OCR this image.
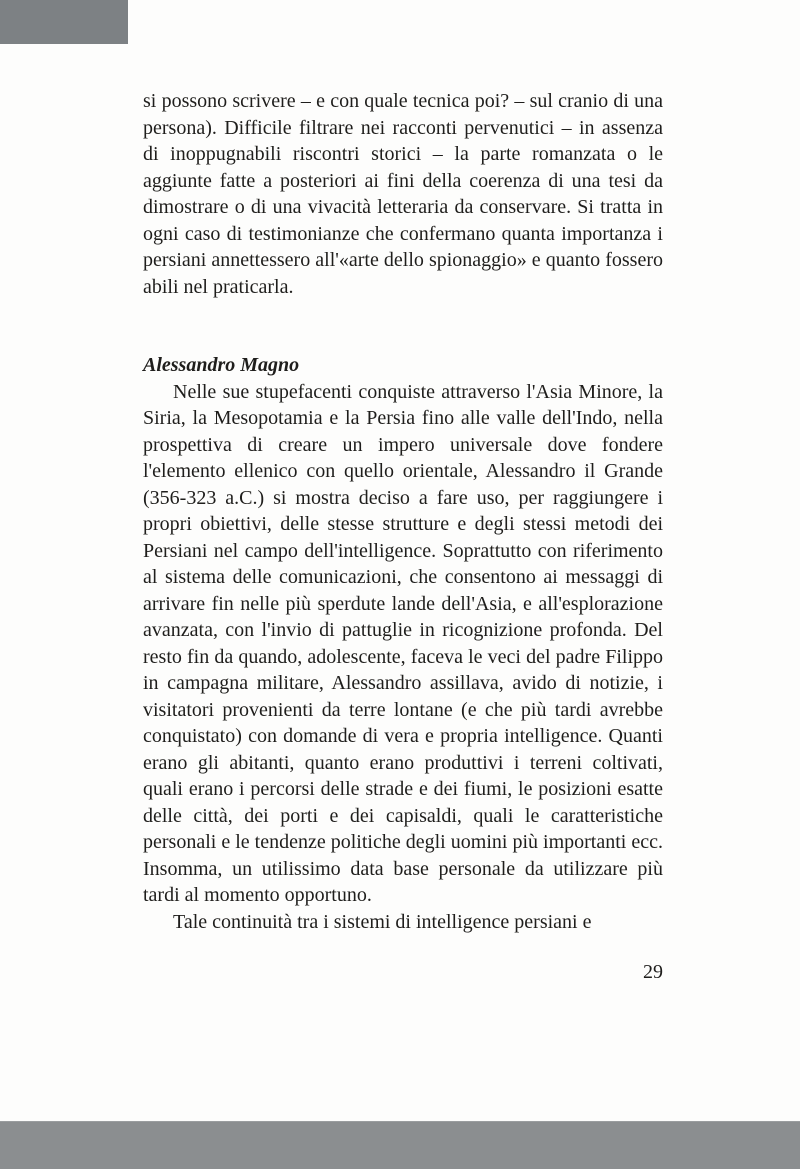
si possono scrivere – e con quale tecnica poi? – sul cranio di una persona). Difficile filtrare nei racconti pervenutici – in assenza di inoppugnabili riscontri storici – la parte romanzata o le aggiunte fatte a posteriori ai fini della coerenza di una tesi da dimostrare o di una vivacità letteraria da conservare. Si tratta in ogni caso di testimonianze che confermano quanta importanza i persiani annettessero all'«arte dello spionaggio» e quanto fossero abili nel praticarla.

Alessandro Magno

Nelle sue stupefacenti conquiste attraverso l'Asia Minore, la Siria, la Mesopotamia e la Persia fino alle valle dell'Indo, nella prospettiva di creare un impero universale dove fondere l'elemento ellenico con quello orientale, Alessandro il Grande (356-323 a.C.) si mostra deciso a fare uso, per raggiungere i propri obiettivi, delle stesse strutture e degli stessi metodi dei Persiani nel campo dell'intelligence. Soprattutto con riferimento al sistema delle comunicazioni, che consentono ai messaggi di arrivare fin nelle più sperdute lande dell'Asia, e all'esplorazione avanzata, con l'invio di pattuglie in ricognizione profonda. Del resto fin da quando, adolescente, faceva le veci del padre Filippo in campagna militare, Alessandro assillava, avido di notizie, i visitatori provenienti da terre lontane (e che più tardi avrebbe conquistato) con domande di vera e propria intelligence. Quanti erano gli abitanti, quanto erano produttivi i terreni coltivati, quali erano i percorsi delle strade e dei fiumi, le posizioni esatte delle città, dei porti e dei capisaldi, quali le caratteristiche personali e le tendenze politiche degli uomini più importanti ecc. Insomma, un utilissimo data base personale da utilizzare più tardi al momento opportuno.

Tale continuità tra i sistemi di intelligence persiani e

29
